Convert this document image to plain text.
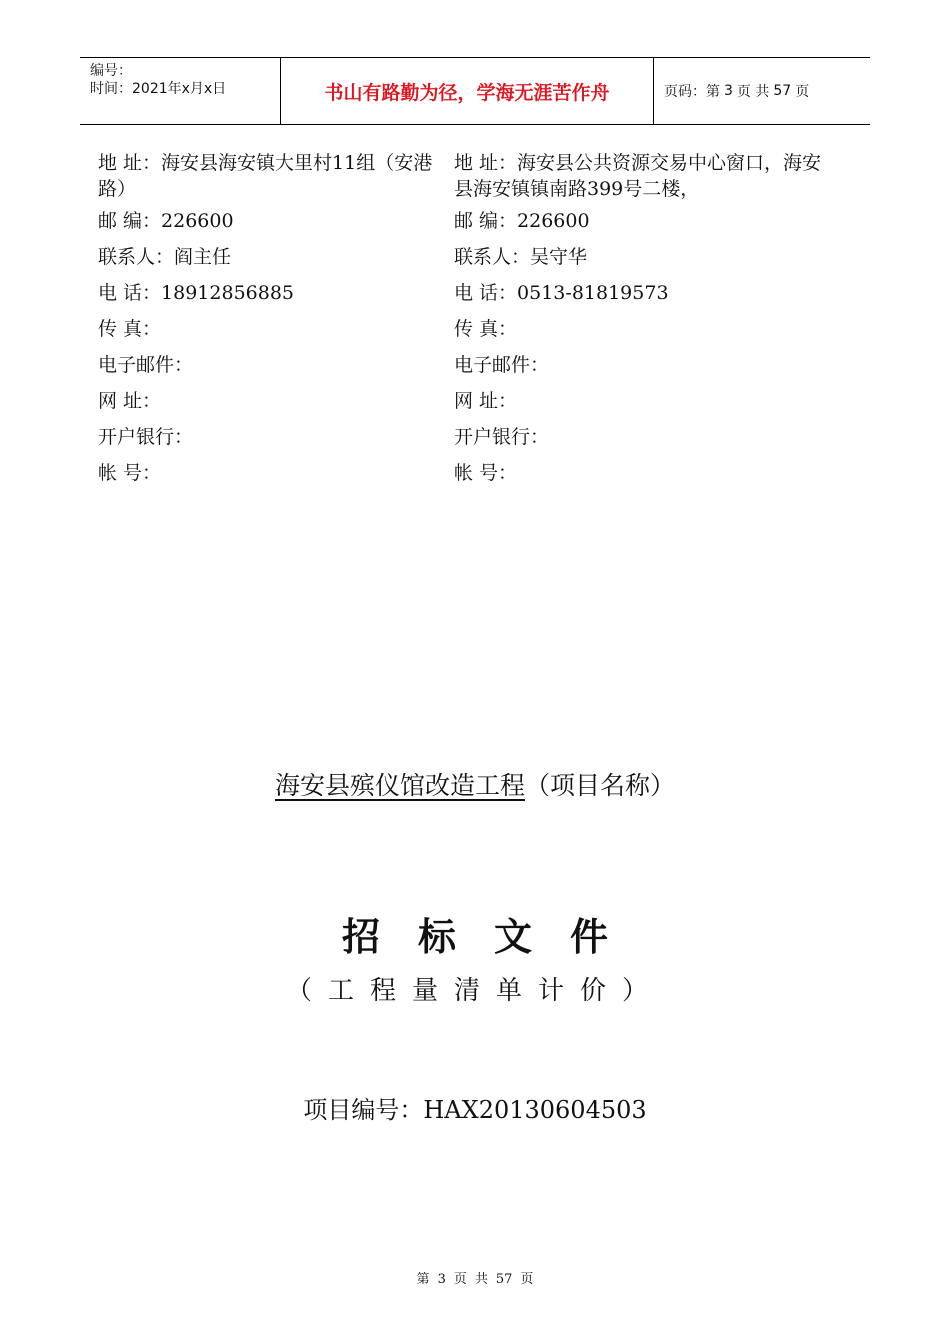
编号：
时间：2021年x月x日	书山有路勤为径，学海无涯苦作舟	页码：第 3 页 共 57 页
地 址：海安县海安镇大里村11组（安港路）
邮 编：226600
联系人：阎主任
电 话：18912856885
传 真：
电子邮件：
网 址：
开户银行：
帐 号：
地 址：海安县公共资源交易中心窗口，海安县海安镇镇南路399号二楼，
邮 编：226600
联系人：吴守华
电 话：0513-81819573
传 真：
电子邮件：
网 址：
开户银行：
帐 号：
海安县殡仪馆改造工程（项目名称）
招标文件
（工程量清单计价）
项目编号：HAX20130604503
第 3 页 共 57 页
